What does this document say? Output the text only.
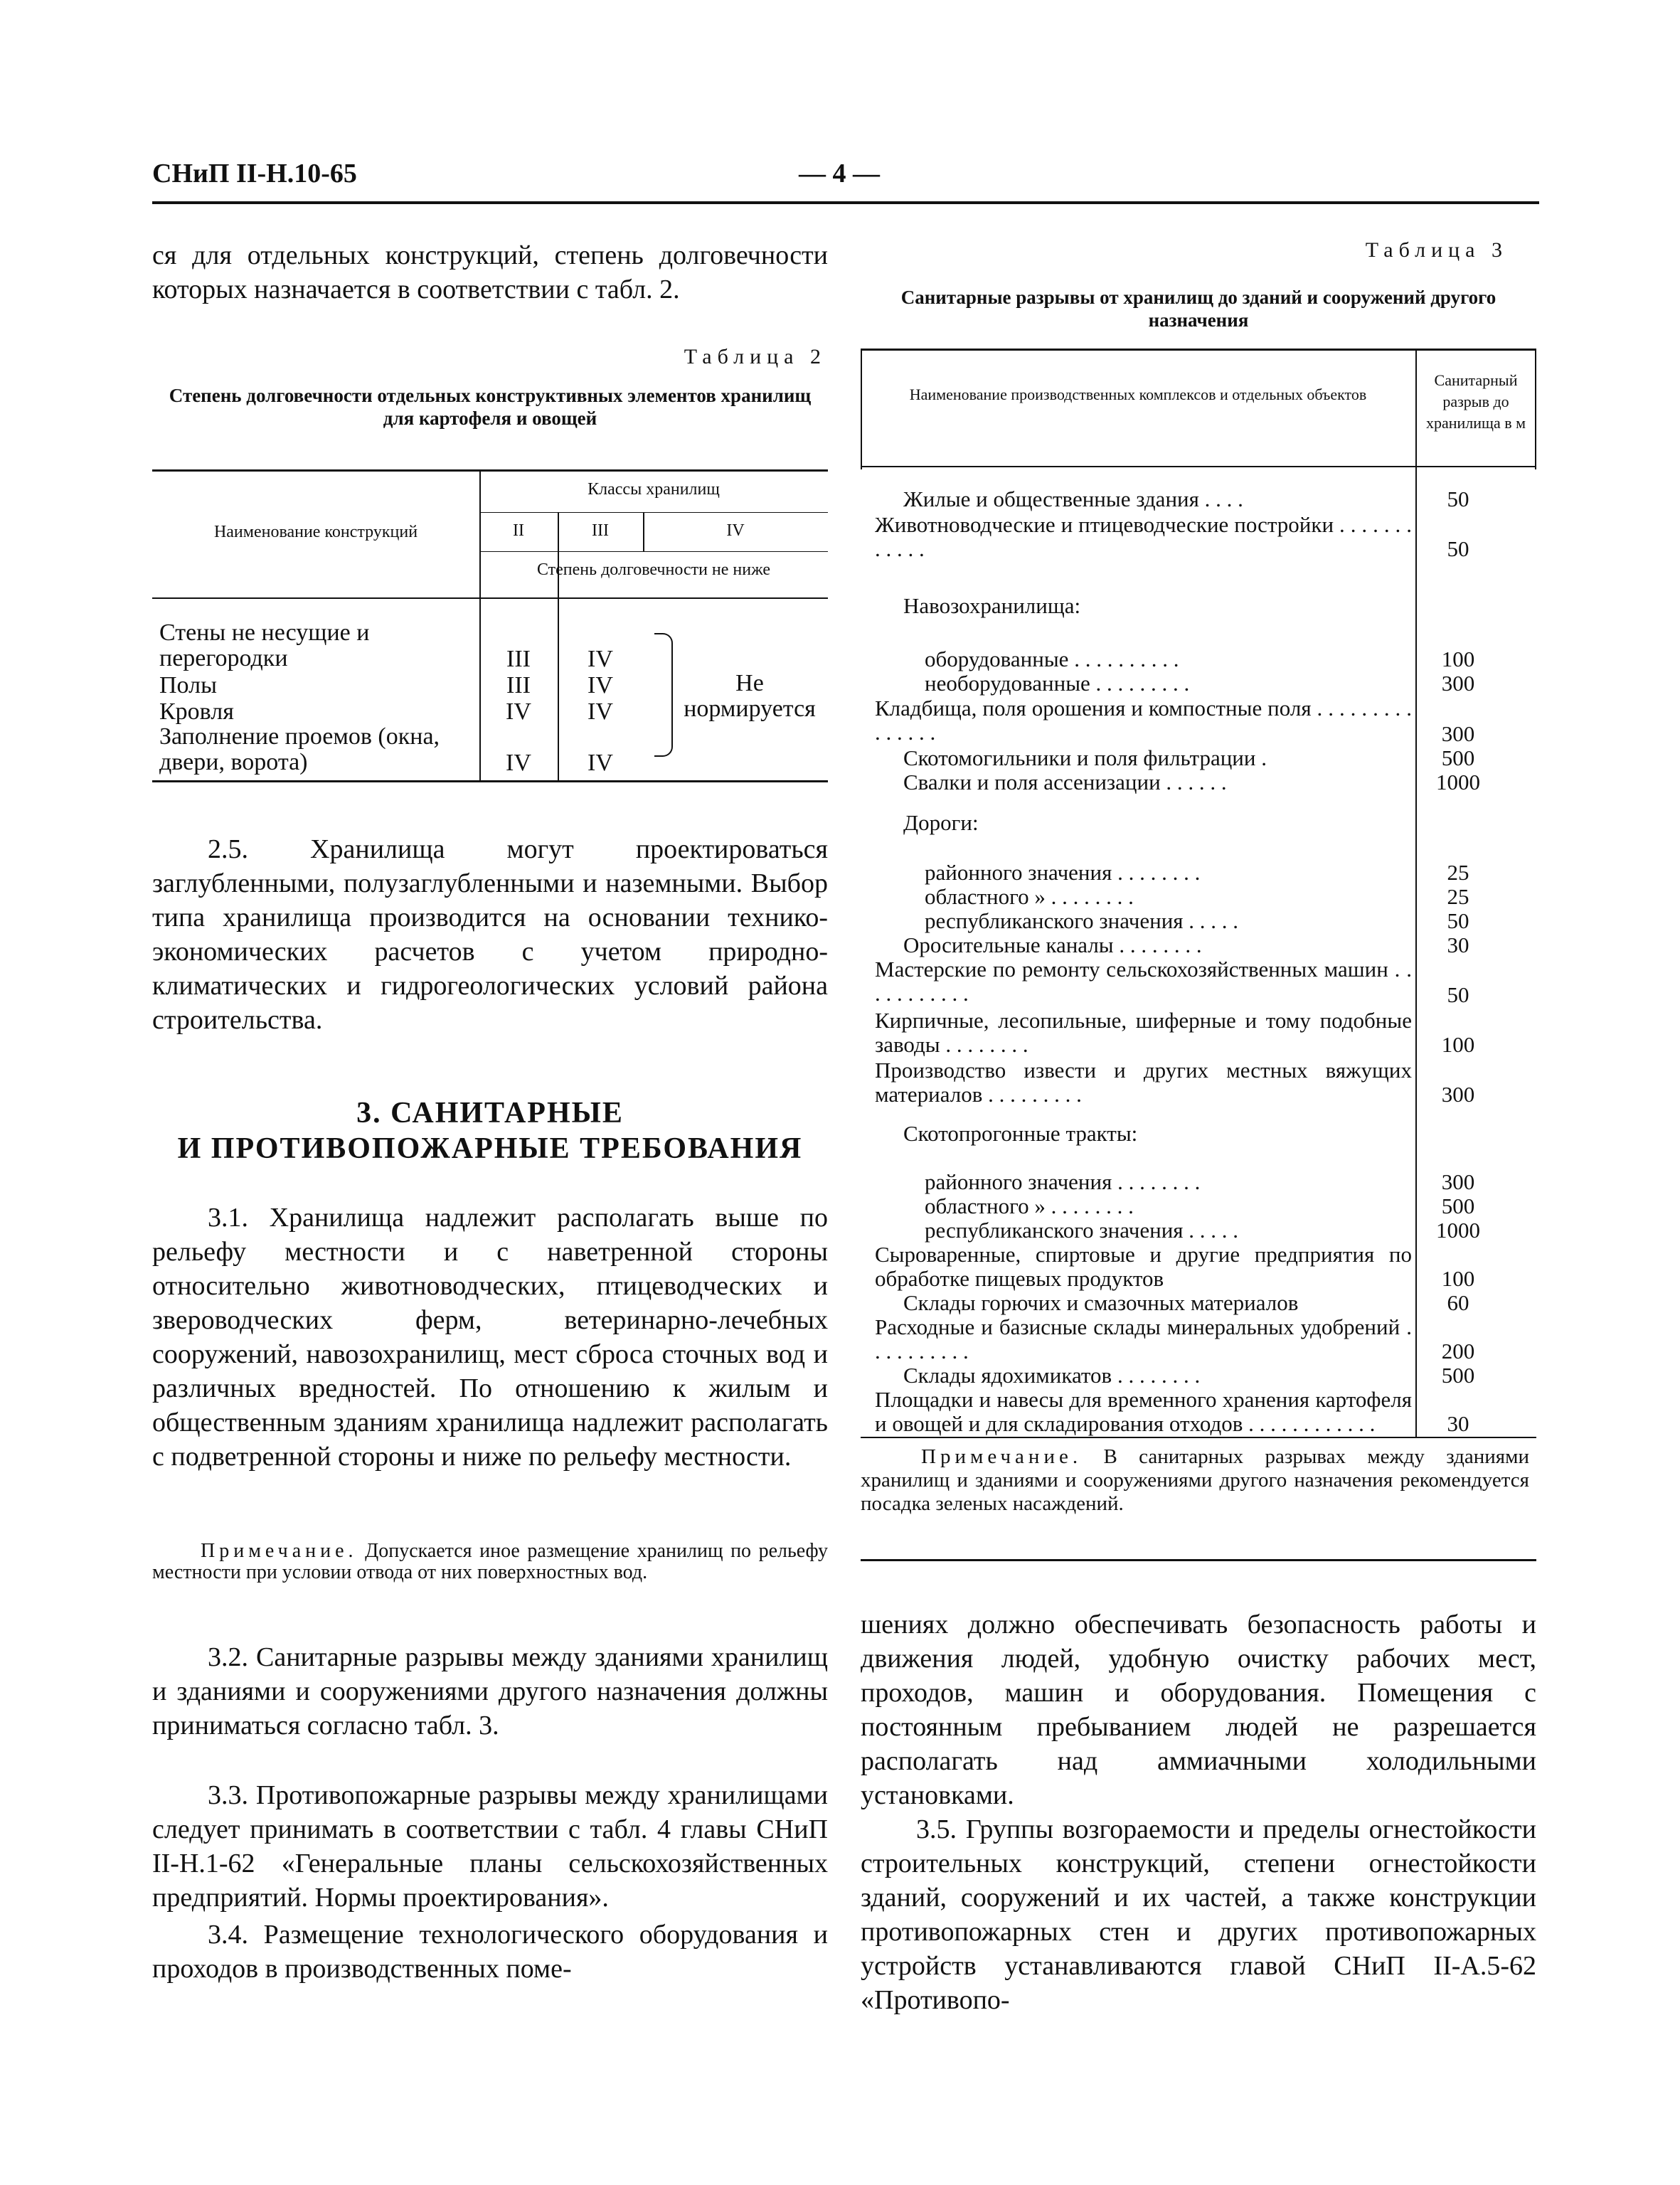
СНиП II-Н.10-65	— 4 —
ся для отдельных конструкций, степень долговечности которых назначается в соответствии с табл. 2.
Таблица 2
Степень долговечности отдельных конструктивных элементов хранилищ для картофеля и овощей
Наименование конструкций
Классы хранилищ
II	III	IV
Степень долговечности не ниже
Стены не несущие и перегородки	III	IV
Полы	III	IV
Кровля	IV	IV
Заполнение проемов (окна, двери, ворота)	IV	IV
Не нормируется
2.5. Хранилища могут проектироваться заглубленными, полузаглубленными и наземными. Выбор типа хранилища производится на основании технико-экономических расчетов с учетом природно-климатических и гидрогеологических условий района строительства.
3. САНИТАРНЫЕ
И ПРОТИВОПОЖАРНЫЕ ТРЕБОВАНИЯ
3.1. Хранилища надлежит располагать выше по рельефу местности и с наветренной стороны относительно животноводческих, птицеводческих и звероводческих ферм, ветеринарно-лечебных сооружений, навозохранилищ, мест сброса сточных вод и различных вредностей. По отношению к жилым и общественным зданиям хранилища надлежит располагать с подветренной стороны и ниже по рельефу местности.
Примечание. Допускается иное размещение хранилищ по рельефу местности при условии отвода от них поверхностных вод.
3.2. Санитарные разрывы между зданиями хранилищ и зданиями и сооружениями другого назначения должны приниматься согласно табл. 3.
3.3. Противопожарные разрывы между хранилищами следует принимать в соответствии с табл. 4 главы СНиП II-Н.1-62 «Генеральные планы сельскохозяйственных предприятий. Нормы проектирования».
3.4. Размещение технологического оборудования и проходов в производственных поме-
Таблица 3
Санитарные разрывы от хранилищ до зданий и сооружений другого назначения
Наименование производственных комплексов и отдельных объектов
Санитарный разрыв до хранилища в м
Жилые и общественные здания . . . .	50
Животноводческие и птицеводческие постройки . . . . . . . . . . . .	50
Навозохранилища:
оборудованные . . . . . . . . . .	100
необорудованные . . . . . . . . .	300
Кладбища, поля орошения и компостные поля . . . . . . . . . . . . . . .	300
Скотомогильники и поля фильтрации .	500
Свалки и поля ассенизации . . . . . .	1000
Дороги:
районного значения . . . . . . . .	25
областного » . . . . . . . .	25
республиканского значения . . . . .	50
Оросительные каналы . . . . . . . .	30
Мастерские по ремонту сельскохозяйственных машин . . . . . . . . . . .	50
Кирпичные, лесопильные, шиферные и тому подобные заводы . . . . . . . .	100
Производство извести и других местных вяжущих материалов . . . . . . . . .	300
Скотопрогонные тракты:
районного значения . . . . . . . .	300
областного » . . . . . . . .	500
республиканского значения . . . . .	1000
Сыроваренные, спиртовые и другие предприятия по обработке пищевых продуктов	100
Склады горючих и смазочных материалов	60
Расходные и базисные склады минеральных удобрений . . . . . . . . . .	200
Склады ядохимикатов . . . . . . . .	500
Площадки и навесы для временного хранения картофеля и овощей и для складирования отходов . . . . . . . . . . . .	30
Примечание. В санитарных разрывах между зданиями хранилищ и зданиями и сооружениями другого назначения рекомендуется посадка зеленых насаждений.
шениях должно обеспечивать безопасность работы и движения людей, удобную очистку рабочих мест, проходов, машин и оборудования. Помещения с постоянным пребыванием людей не разрешается располагать над аммиачными холодильными установками.
3.5. Группы возгораемости и пределы огнестойкости строительных конструкций, степени огнестойкости зданий, сооружений и их частей, а также конструкции противопожарных стен и других противопожарных устройств устанавливаются главой СНиП II-А.5-62 «Противопо-
